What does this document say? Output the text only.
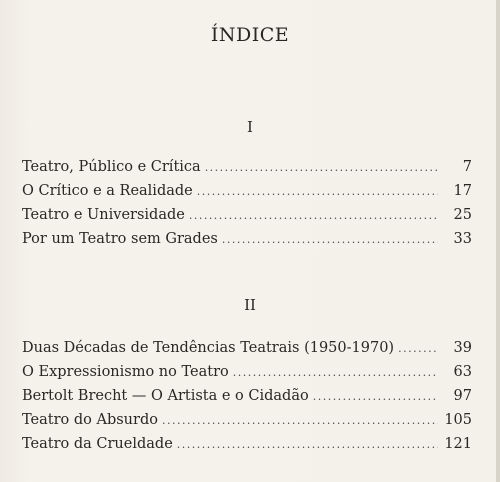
ÍNDICE
I
Teatro, Público e Crítica .....	7
O Crítico e a Realidade .....	17
Teatro e Universidade .....	25
Por um Teatro sem Grades .....	33
II
Duas Décadas de Tendências Teatrais (1950-1970) .....	39
O Expressionismo no Teatro .....	63
Bertolt Brecht — O Artista e o Cidadão .....	97
Teatro do Absurdo .....	105
Teatro da Crueldade .....	121
